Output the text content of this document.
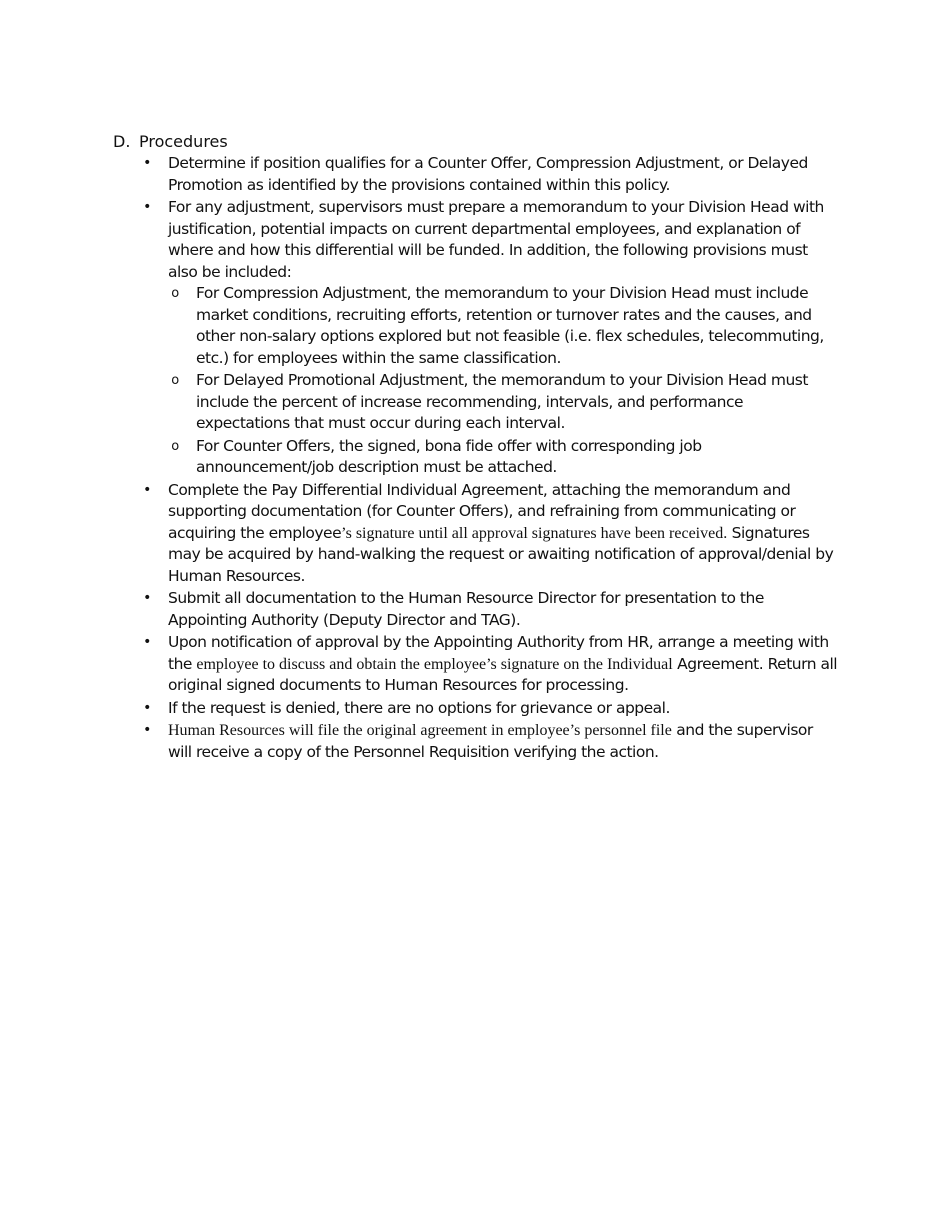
D. Procedures
• Determine if position qualifies for a Counter Offer, Compression Adjustment, or Delayed Promotion as identified by the provisions contained within this policy.
• For any adjustment, supervisors must prepare a memorandum to your Division Head with justification, potential impacts on current departmental employees, and explanation of where and how this differential will be funded. In addition, the following provisions must also be included:
o For Compression Adjustment, the memorandum to your Division Head must include market conditions, recruiting efforts, retention or turnover rates and the causes, and other non-salary options explored but not feasible (i.e. flex schedules, telecommuting, etc.) for employees within the same classification.
o For Delayed Promotional Adjustment, the memorandum to your Division Head must include the percent of increase recommending, intervals, and performance expectations that must occur during each interval.
o For Counter Offers, the signed, bona fide offer with corresponding job announcement/job description must be attached.
• Complete the Pay Differential Individual Agreement, attaching the memorandum and supporting documentation (for Counter Offers), and refraining from communicating or acquiring the employee’s signature until all approval signatures have been received. Signatures may be acquired by hand-walking the request or awaiting notification of approval/denial by Human Resources.
• Submit all documentation to the Human Resource Director for presentation to the Appointing Authority (Deputy Director and TAG).
• Upon notification of approval by the Appointing Authority from HR, arrange a meeting with the employee to discuss and obtain the employee’s signature on the Individual Agreement. Return all original signed documents to Human Resources for processing.
• If the request is denied, there are no options for grievance or appeal.
• Human Resources will file the original agreement in employee’s personnel file and the supervisor will receive a copy of the Personnel Requisition verifying the action.
